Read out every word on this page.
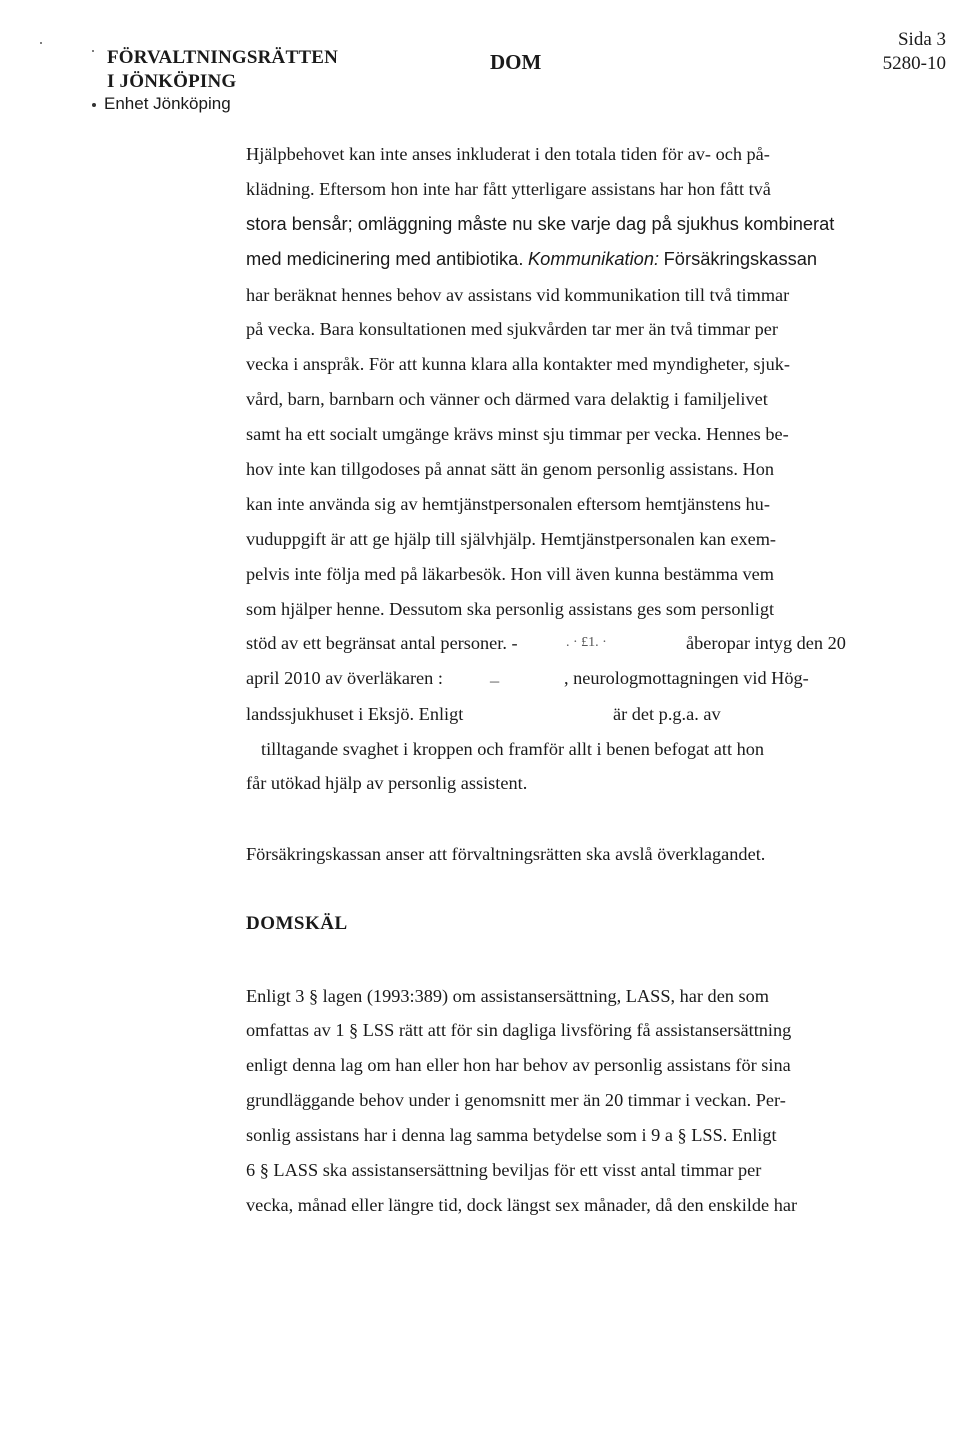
FÖRVALTNINGSRÄTTEN
I JÖNKÖPING
Enhet Jönköping
DOM
Sida 3
5280-10
Hjälpbehovet kan inte anses inkluderat i den totala tiden för av- och på-
klädning. Eftersom hon inte har fått ytterligare assistans har hon fått två
stora bensår; omläggning måste nu ske varje dag på sjukhus kombinerat
med medicinering med antibiotika. Kommunikation: Försäkringskassan
har beräknat hennes behov av assistans vid kommunikation till två timmar
på vecka. Bara konsultationen med sjukvården tar mer än två timmar per
vecka i anspråk. För att kunna klara alla kontakter med myndigheter, sjuk-
vård, barn, barnbarn och vänner och därmed vara delaktig i familjelivet
samt ha ett socialt umgänge krävs minst sju timmar per vecka. Hennes be-
hov inte kan tillgodoses på annat sätt än genom personlig assistans. Hon
kan inte använda sig av hemtjänstpersonalen eftersom hemtjänstens hu-
vuduppgift är att ge hjälp till självhjälp. Hemtjänstpersonalen kan exem-
pelvis inte följa med på läkarbesök. Hon vill även kunna bestämma vem
som hjälper henne. Dessutom ska personlig assistans ges som personligt
stöd av ett begränsat antal personer. -	. · £1. ·	åberopar intyg den 20
april 2010 av överläkaren :	_	, neurologmottagningen vid Hög-
landssjukhuset i Eksjö. Enligt	är det p.g.a. av
tilltagande svaghet i kroppen och framför allt i benen befogat att hon
får utökad hjälp av personlig assistent.
Försäkringskassan anser att förvaltningsrätten ska avslå överklagandet.
DOMSKÄL
Enligt 3 § lagen (1993:389) om assistansersättning, LASS, har den som
omfattas av 1 § LSS rätt att för sin dagliga livsföring få assistansersättning
enligt denna lag om han eller hon har behov av personlig assistans för sina
grundläggande behov under i genomsnitt mer än 20 timmar i veckan. Per-
sonlig assistans har i denna lag samma betydelse som i 9 a § LSS. Enligt
6 § LASS ska assistansersättning beviljas för ett visst antal timmar per
vecka, månad eller längre tid, dock längst sex månader, då den enskilde har
